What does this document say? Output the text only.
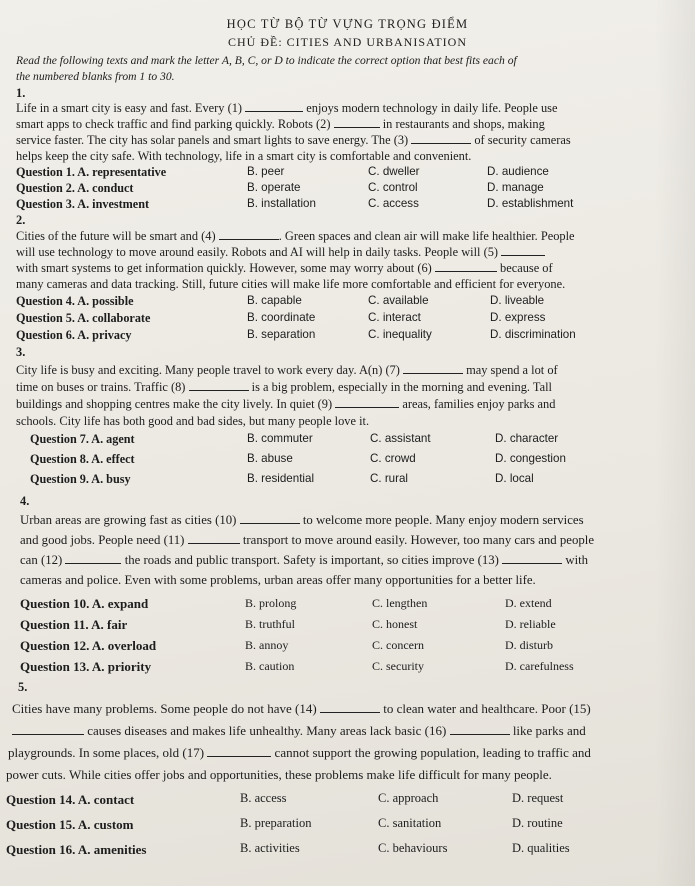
HỌC TỪ BỘ TỪ VỰNG TRỌNG ĐIỂM
CHỦ ĐỀ: CITIES AND URBANISATION
Read the following texts and mark the letter A, B, C, or D to indicate the correct option that best fits each of
the numbered blanks from 1 to 30.
1.
Life in a smart city is easy and fast. Every (1)	enjoys modern technology in daily life. People use
smart apps to check traffic and find parking quickly. Robots (2)	in restaurants and shops, making
service faster. The city has solar panels and smart lights to save energy. The (3)	of security cameras
helps keep the city safe. With technology, life in a smart city is comfortable and convenient.
Question 1. A. representative	B. peer	C. dweller	D. audience
Question 2. A. conduct	B. operate	C. control	D. manage
Question 3. A. investment	B. installation	C. access	D. establishment
2.
Cities of the future will be smart and (4)	. Green spaces and clean air will make life healthier. People
will use technology to move around easily. Robots and AI will help in daily tasks. People will (5)
with smart systems to get information quickly. However, some may worry about (6)	because of
many cameras and data tracking. Still, future cities will make life more comfortable and efficient for everyone.
Question 4. A. possible	B. capable	C. available	D. liveable
Question 5. A. collaborate	B. coordinate	C. interact	D. express
Question 6. A. privacy	B. separation	C. inequality	D. discrimination
3.
City life is busy and exciting. Many people travel to work every day. A(n) (7)	may spend a lot of
time on buses or trains. Traffic (8)	is a big problem, especially in the morning and evening. Tall
buildings and shopping centres make the city lively. In quiet (9)	areas, families enjoy parks and
schools. City life has both good and bad sides, but many people love it.
Question 7. A. agent	B. commuter	C. assistant	D. character
Question 8. A. effect	B. abuse	C. crowd	D. congestion
Question 9. A. busy	B. residential	C. rural	D. local
4.
Urban areas are growing fast as cities (10)	to welcome more people. Many enjoy modern services
and good jobs. People need (11)	transport to move around easily. However, too many cars and people
can (12)	the roads and public transport. Safety is important, so cities improve (13)	with
cameras and police. Even with some problems, urban areas offer many opportunities for a better life.
Question 10. A. expand	B. prolong	C. lengthen	D. extend
Question 11. A. fair	B. truthful	C. honest	D. reliable
Question 12. A. overload	B. annoy	C. concern	D. disturb
Question 13. A. priority	B. caution	C. security	D. carefulness
5.
Cities have many problems. Some people do not have (14)	to clean water and healthcare. Poor (15)
causes diseases and makes life unhealthy. Many areas lack basic (16)	like parks and
playgrounds. In some places, old (17)	cannot support the growing population, leading to traffic and
power cuts. While cities offer jobs and opportunities, these problems make life difficult for many people.
Question 14. A. contact	B. access	C. approach	D. request
Question 15. A. custom	B. preparation	C. sanitation	D. routine
Question 16. A. amenities	B. activities	C. behaviours	D. qualities
